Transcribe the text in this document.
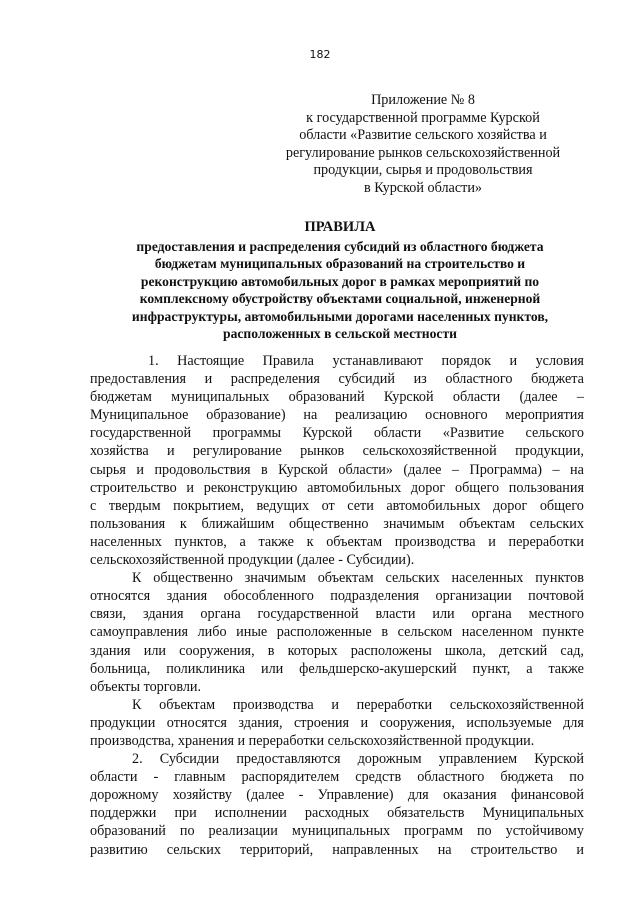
182
Приложение № 8
к государственной программе Курской
области «Развитие сельского хозяйства и
регулирование рынков сельскохозяйственной
продукции, сырья и продовольствия
в Курской области»
ПРАВИЛА
предоставления и распределения субсидий из областного бюджета
бюджетам муниципальных образований на строительство и
реконструкцию автомобильных дорог в рамках мероприятий по
комплексному обустройству объектами социальной, инженерной
инфраструктуры, автомобильными дорогами населенных пунктов,
расположенных в сельской местности
1. Настоящие Правила устанавливают порядок и условия
предоставления и распределения субсидий из областного бюджета
бюджетам муниципальных образований Курской области (далее –
Муниципальное образование) на реализацию основного мероприятия
государственной программы Курской области «Развитие сельского
хозяйства и регулирование рынков сельскохозяйственной продукции,
сырья и продовольствия в Курской области» (далее – Программа) – на
строительство и реконструкцию автомобильных дорог общего пользования
с твердым покрытием, ведущих от сети автомобильных дорог общего
пользования к ближайшим общественно значимым объектам сельских
населенных пунктов, а также к объектам производства и переработки
сельскохозяйственной продукции (далее - Субсидии).
К общественно значимым объектам сельских населенных пунктов
относятся здания обособленного подразделения организации почтовой
связи, здания органа государственной власти или органа местного
самоуправления либо иные расположенные в сельском населенном пункте
здания или сооружения, в которых расположены школа, детский сад,
больница, поликлиника или фельдшерско-акушерский пункт, а также
объекты торговли.
К объектам производства и переработки сельскохозяйственной
продукции относятся здания, строения и сооружения, используемые для
производства, хранения и переработки сельскохозяйственной продукции.
2. Субсидии предоставляются дорожным управлением Курской
области - главным распорядителем средств областного бюджета по
дорожному хозяйству (далее - Управление) для оказания финансовой
поддержки при исполнении расходных обязательств Муниципальных
образований по реализации муниципальных программ по устойчивому
развитию сельских территорий, направленных на строительство и
